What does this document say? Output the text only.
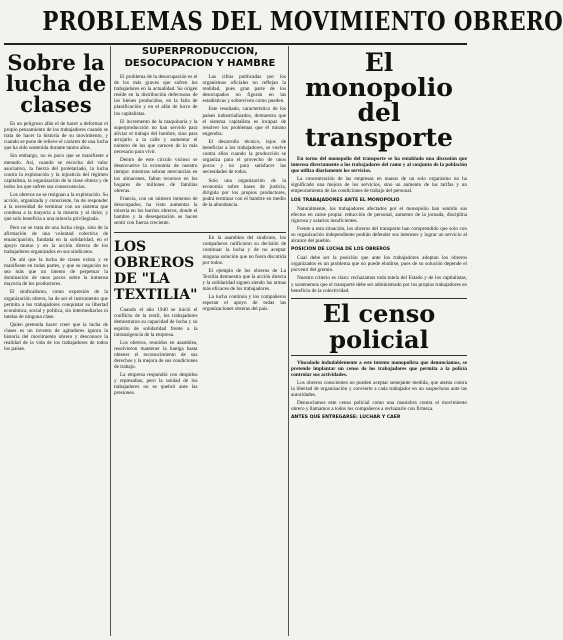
PROBLEMAS DEL MOVIMIENTO OBRERO
Sobre la lucha de clases

Es un peligroso afán el de hacer a deformar el propio pensamiento de los trabajadores cuando se trata de hacer la historia de su movimiento, y cuando se pone de relieve el carácter de una lucha que ha sido sostenida durante tantos años.

Sin embargo, no es poco que se manifieste a menudo. Así, cuando se escucha del valor asociativo, la fuerza del proletariado, la lucha contra la explotación y la injusticia del régimen capitalista, la organización de la clase obrera y de todos los que sufren sus consecuencias.

Los obreros no se resignan a la explotación. Su acción, organizada y consciente, ha de responder a la necesidad de terminar con un sistema que condena a la mayoría a la miseria y al dolor, y que solo beneficia a una minoría privilegiada.

Pero no se trata de una lucha ciega, sino de la afirmación de una voluntad colectiva de emancipación, fundada en la solidaridad, en el apoyo mutuo y en la acción directa de los trabajadores organizados en sus sindicatos.

De ahí que la lucha de clases exista y se manifieste en todas partes, y que su negación no sea más que un intento de perpetuar la dominación de unos pocos sobre la inmensa mayoría de los productores.

El sindicalismo, como expresión de la organización obrera, ha de ser el instrumento que permita a los trabajadores conquistar su libertad económica, social y política, sin intermediarios ni tutelas de ninguna clase.

Quien pretenda hacer creer que la lucha de clases es un invento de agitadores ignora la historia del movimiento obrero y desconoce la realidad de la vida de los trabajadores de todos los países.

SUPERPRODUCCION, DESOCUPACION Y HAMBRE

El problema de la desocupación es el de los más graves que sufren los trabajadores en la actualidad. Su origen reside en la distribución defectuosa de los bienes producidos, en la falta de planificación y en el afán de lucro de los capitalistas.

El incremento de la maquinaria y la superproducción no han servido para aliviar el trabajo del hombre, sino para arrojarlo a la calle y aumentar el número de los que carecen de lo más necesario para vivir.

Dentro de este círculo vicioso se desenvuelve la economía de nuestro tiempo: mientras sobran mercancías en los almacenes, faltan recursos en los hogares de millones de familias obreras.

Francia, con un número inmenso de desocupados, ha visto aumentar la miseria en los barrios obreros, donde el hambre y la desesperación se hacen sentir con fuerza creciente.

Las cifras publicadas por los organismos oficiales no reflejan la realidad, pues gran parte de los desocupados no figuran en las estadísticas y sobreviven como pueden.

Este resultado, característico de los países industrializados, demuestra que el sistema capitalista es incapaz de resolver los problemas que él mismo engendra.

El desarrollo técnico, lejos de beneficiar a los trabajadores, se vuelve contra ellos cuando la producción se organiza para el provecho de unos pocos y no para satisfacer las necesidades de todos.

Solo una organización de la economía sobre bases de justicia, dirigida por los propios productores, podrá terminar con el hambre en medio de la abundancia.

LOS OBREROS DE "LA TEXTILIA"

Cuando el año 1940 se inició el conflicto de la textil, los trabajadores demostraron su capacidad de lucha y su espíritu de solidaridad frente a la intransigencia de la empresa.

Los obreros, reunidos en asamblea, resolvieron mantener la huelga hasta obtener el reconocimiento de sus derechos y la mejora de sus condiciones de trabajo.

La empresa respondió con despidos y represalias, pero la unidad de los trabajadores no se quebró ante las presiones.

En la asamblea del sindicato, los compañeros ratificaron su decisión de continuar la lucha y de no aceptar ninguna solución que no fuera discutida por todos.

El ejemplo de los obreros de La Textilia demuestra que la acción directa y la solidaridad siguen siendo las armas más eficaces de los trabajadores.

La lucha continúa y los compañeros esperan el apoyo de todas las organizaciones obreras del país.

El monopolio del transporte

En torno del monopolio del transporte se ha entablado una discusión que interesa directamente a los trabajadores del ramo y al conjunto de la población que utiliza diariamente los servicios.

La concentración de las empresas en manos de un solo organismo no ha significado una mejora de los servicios, sino un aumento de las tarifas y un empeoramiento de las condiciones de trabajo del personal.

LOS TRABAJADORES ANTE EL MONOPOLIO

Naturalmente, los trabajadores afectados por el monopolio han sentido sus efectos en carne propia: reducción de personal, aumento de la jornada, disciplina rigurosa y salarios insuficientes.

Frente a esta situación, los obreros del transporte han comprendido que solo con su organización independiente podrán defender sus intereses y lograr un servicio al alcance del pueblo.

POSICION DE LUCHA DE LOS OBREROS

Cual debe ser la posición que ante los trabajadores adoptan los obreros organizados es un problema que no puede eludirse, pues de su solución depende el porvenir del gremio.

Nuestro criterio es claro: rechazamos toda tutela del Estado y de los capitalistas, y sostenemos que el transporte debe ser administrado por los propios trabajadores en beneficio de la colectividad.

El censo policial

Vinculado indudablemente a este intento monopolista que denunciamos, se pretende implantar un censo de los trabajadores que permita a la policía controlar sus actividades.

Los obreros conscientes no pueden aceptar semejante medida, que atenta contra la libertad de organización y convierte a cada trabajador en un sospechoso ante las autoridades.

Denunciamos este censo policial como una maniobra contra el movimiento obrero y llamamos a todos los compañeros a rechazarlo con firmeza.

ANTES QUE ENTREGARSE: LUCHAR Y CAER
